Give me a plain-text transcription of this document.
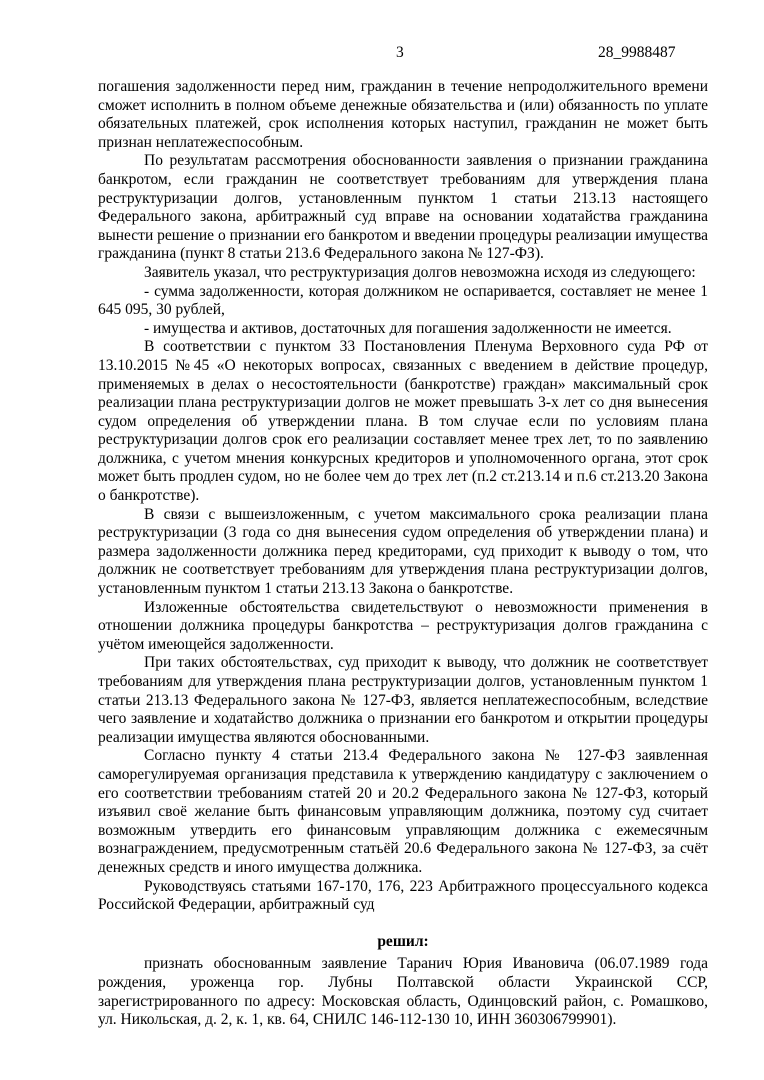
3	28_9988487

погашения задолженности перед ним, гражданин в течение непродолжительного времени сможет исполнить в полном объеме денежные обязательства и (или) обязанность по уплате обязательных платежей, срок исполнения которых наступил, гражданин не может быть признан неплатежеспособным.

По результатам рассмотрения обоснованности заявления о признании гражданина банкротом, если гражданин не соответствует требованиям для утверждения плана реструктуризации долгов, установленным пунктом 1 статьи 213.13 настоящего Федерального закона, арбитражный суд вправе на основании ходатайства гражданина вынести решение о признании его банкротом и введении процедуры реализации имущества гражданина (пункт 8 статьи 213.6 Федерального закона № 127-ФЗ).

Заявитель указал, что реструктуризация долгов невозможна исходя из следующего:

- сумма задолженности, которая должником не оспаривается, составляет не менее 1 645 095, 30 рублей,

- имущества и активов, достаточных для погашения задолженности не имеется.

В соответствии с пунктом 33 Постановления Пленума Верховного суда РФ от 13.10.2015 №45 «О некоторых вопросах, связанных с введением в действие процедур, применяемых в делах о несостоятельности (банкротстве) граждан» максимальный срок реализации плана реструктуризации долгов не может превышать 3-х лет со дня вынесения судом определения об утверждении плана. В том случае если по условиям плана реструктуризации долгов срок его реализации составляет менее трех лет, то по заявлению должника, с учетом мнения конкурсных кредиторов и уполномоченного органа, этот срок может быть продлен судом, но не более чем до трех лет (п.2 ст.213.14 и п.6 ст.213.20 Закона о банкротстве).

В связи с вышеизложенным, с учетом максимального срока реализации плана реструктуризации (3 года со дня вынесения судом определения об утверждении плана) и размера задолженности должника перед кредиторами, суд приходит к выводу о том, что должник не соответствует требованиям для утверждения плана реструктуризации долгов, установленным пунктом 1 статьи 213.13 Закона о банкротстве.

Изложенные обстоятельства свидетельствуют о невозможности применения в отношении должника процедуры банкротства – реструктуризация долгов гражданина с учётом имеющейся задолженности.

При таких обстоятельствах, суд приходит к выводу, что должник не соответствует требованиям для утверждения плана реструктуризации долгов, установленным пунктом 1 статьи 213.13 Федерального закона № 127-ФЗ, является неплатежеспособным, вследствие чего заявление и ходатайство должника о признании его банкротом и открытии процедуры реализации имущества являются обоснованными.

Согласно пункту 4 статьи 213.4 Федерального закона № 127-ФЗ заявленная саморегулируемая организация представила к утверждению кандидатуру с заключением о его соответствии требованиям статей 20 и 20.2 Федерального закона № 127-ФЗ, который изъявил своё желание быть финансовым управляющим должника, поэтому суд считает возможным утвердить его финансовым управляющим должника с ежемесячным вознаграждением, предусмотренным статьёй 20.6 Федерального закона № 127-ФЗ, за счёт денежных средств и иного имущества должника.

Руководствуясь статьями 167-170, 176, 223 Арбитражного процессуального кодекса Российской Федерации, арбитражный суд

решил:

признать обоснованным заявление Таранич Юрия Ивановича (06.07.1989 года рождения, уроженца гор. Лубны Полтавской области Украинской ССР, зарегистрированного по адресу: Московская область, Одинцовский район, с. Ромашково, ул. Никольская, д. 2, к. 1, кв. 64, СНИЛС 146-112-130 10, ИНН 360306799901).
